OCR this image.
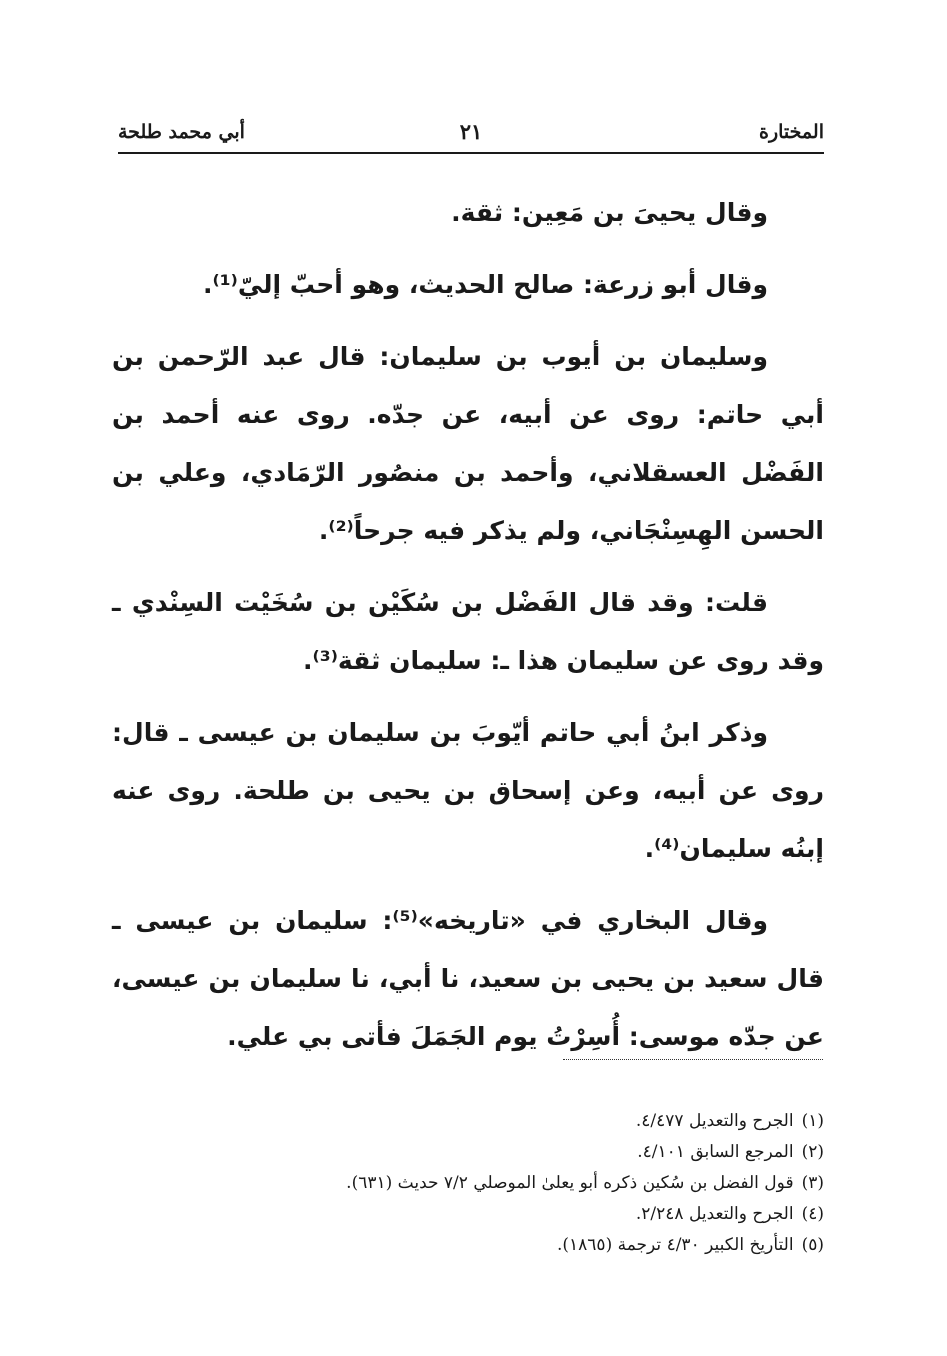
المختارة
٢١
أبي محمد طلحة

وقال يحيىَ بن مَعِين: ثقة.

وقال أبو زرعة: صالح الحديث، وهو أحبّ إليّ⁽¹⁾.

وسليمان بن أيوب بن سليمان: قال عبد الرّحمن بن أبي حاتم: روى عن أبيه، عن جدّه. روى عنه أحمد بن الفَضْل العسقلاني، وأحمد بن منصُور الرّمَادي، وعلي بن الحسن الهِسِنْجَاني، ولم يذكر فيه جرحاً⁽²⁾.

قلت: وقد قال الفَضْل بن سُكَيْن بن سُخَيْت السِنْدي ـ وقد روى عن سليمان هذا ـ: سليمان ثقة⁽³⁾.

وذكر ابنُ أبي حاتم أيّوبَ بن سليمان بن عيسى ـ قال: روى عن أبيه، وعن إسحاق بن يحيى بن طلحة. روى عنه إبنُه سليمان⁽⁴⁾.

وقال البخاري في «تاريخه»⁽⁵⁾: سليمان بن عيسى ـ قال سعيد بن يحيى بن سعيد، نا أبي، نا سليمان بن عيسى، عن جدّه موسى: أُسِرْتُ يوم الجَمَلَ فأتى بي علي.

(١)الجرح والتعديل ٤/٤٧٧.
(٢)المرجع السابق ٤/١٠١.
(٣)قول الفضل بن سُكين ذكره أبو يعلىٰ الموصلي ٧/٢ حديث (٦٣١).
(٤)الجرح والتعديل ٢/٢٤٨.
(٥)التأريخ الكبير ٤/٣٠ ترجمة (١٨٦٥).
